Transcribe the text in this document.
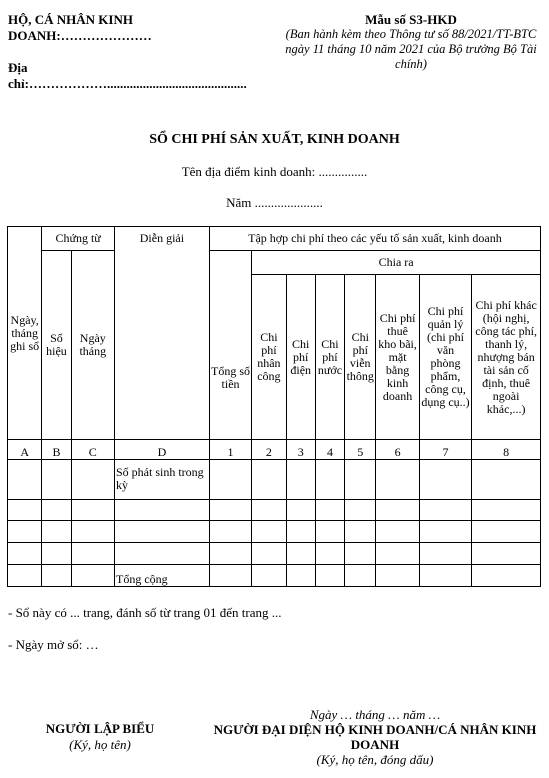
HỘ, CÁ NHÂN KINH
DOANH:…………………
Địa
chỉ:………………...........................................
Mẫu số S3-HKD
(Ban hành kèm theo Thông tư số 88/2021/TT-BTC ngày 11 tháng 10 năm 2021 của Bộ trưởng Bộ Tài chính)
SỔ CHI PHÍ SẢN XUẤT, KINH DOANH
Tên địa điểm kinh doanh: ...............
Năm .....................
Ngày, tháng ghi sổ	Chứng từ		Diễn giải	Tập hợp chi phí theo các yếu tố sản xuất, kinh doanh							
	Số hiệu	Ngày tháng		Tổng số tiền	Chia ra						
					Chi phí nhân công	Chi phí điện	Chi phí nước	Chi phí viễn thông	Chi phí thuê kho bãi, mặt bằng kinh doanh	Chi phí quản lý (chi phí văn phòng phẩm, công cụ, dụng cụ..)	Chi phí khác (hội nghị, công tác phí, thanh lý, nhượng bán tài sản cố định, thuê ngoài khác,...)
A	B	C	D	1	2	3	4	5	6	7	8
			Số phát sinh trong kỳ								

			Tổng cộng								
- Sổ này có ... trang, đánh số từ trang 01 đến trang ...
- Ngày mở sổ: …
NGƯỜI LẬP BIỂU
(Ký, họ tên)
Ngày … tháng … năm …
NGƯỜI ĐẠI DIỆN HỘ KINH DOANH/CÁ NHÂN KINH DOANH
(Ký, họ tên, đóng dấu)
